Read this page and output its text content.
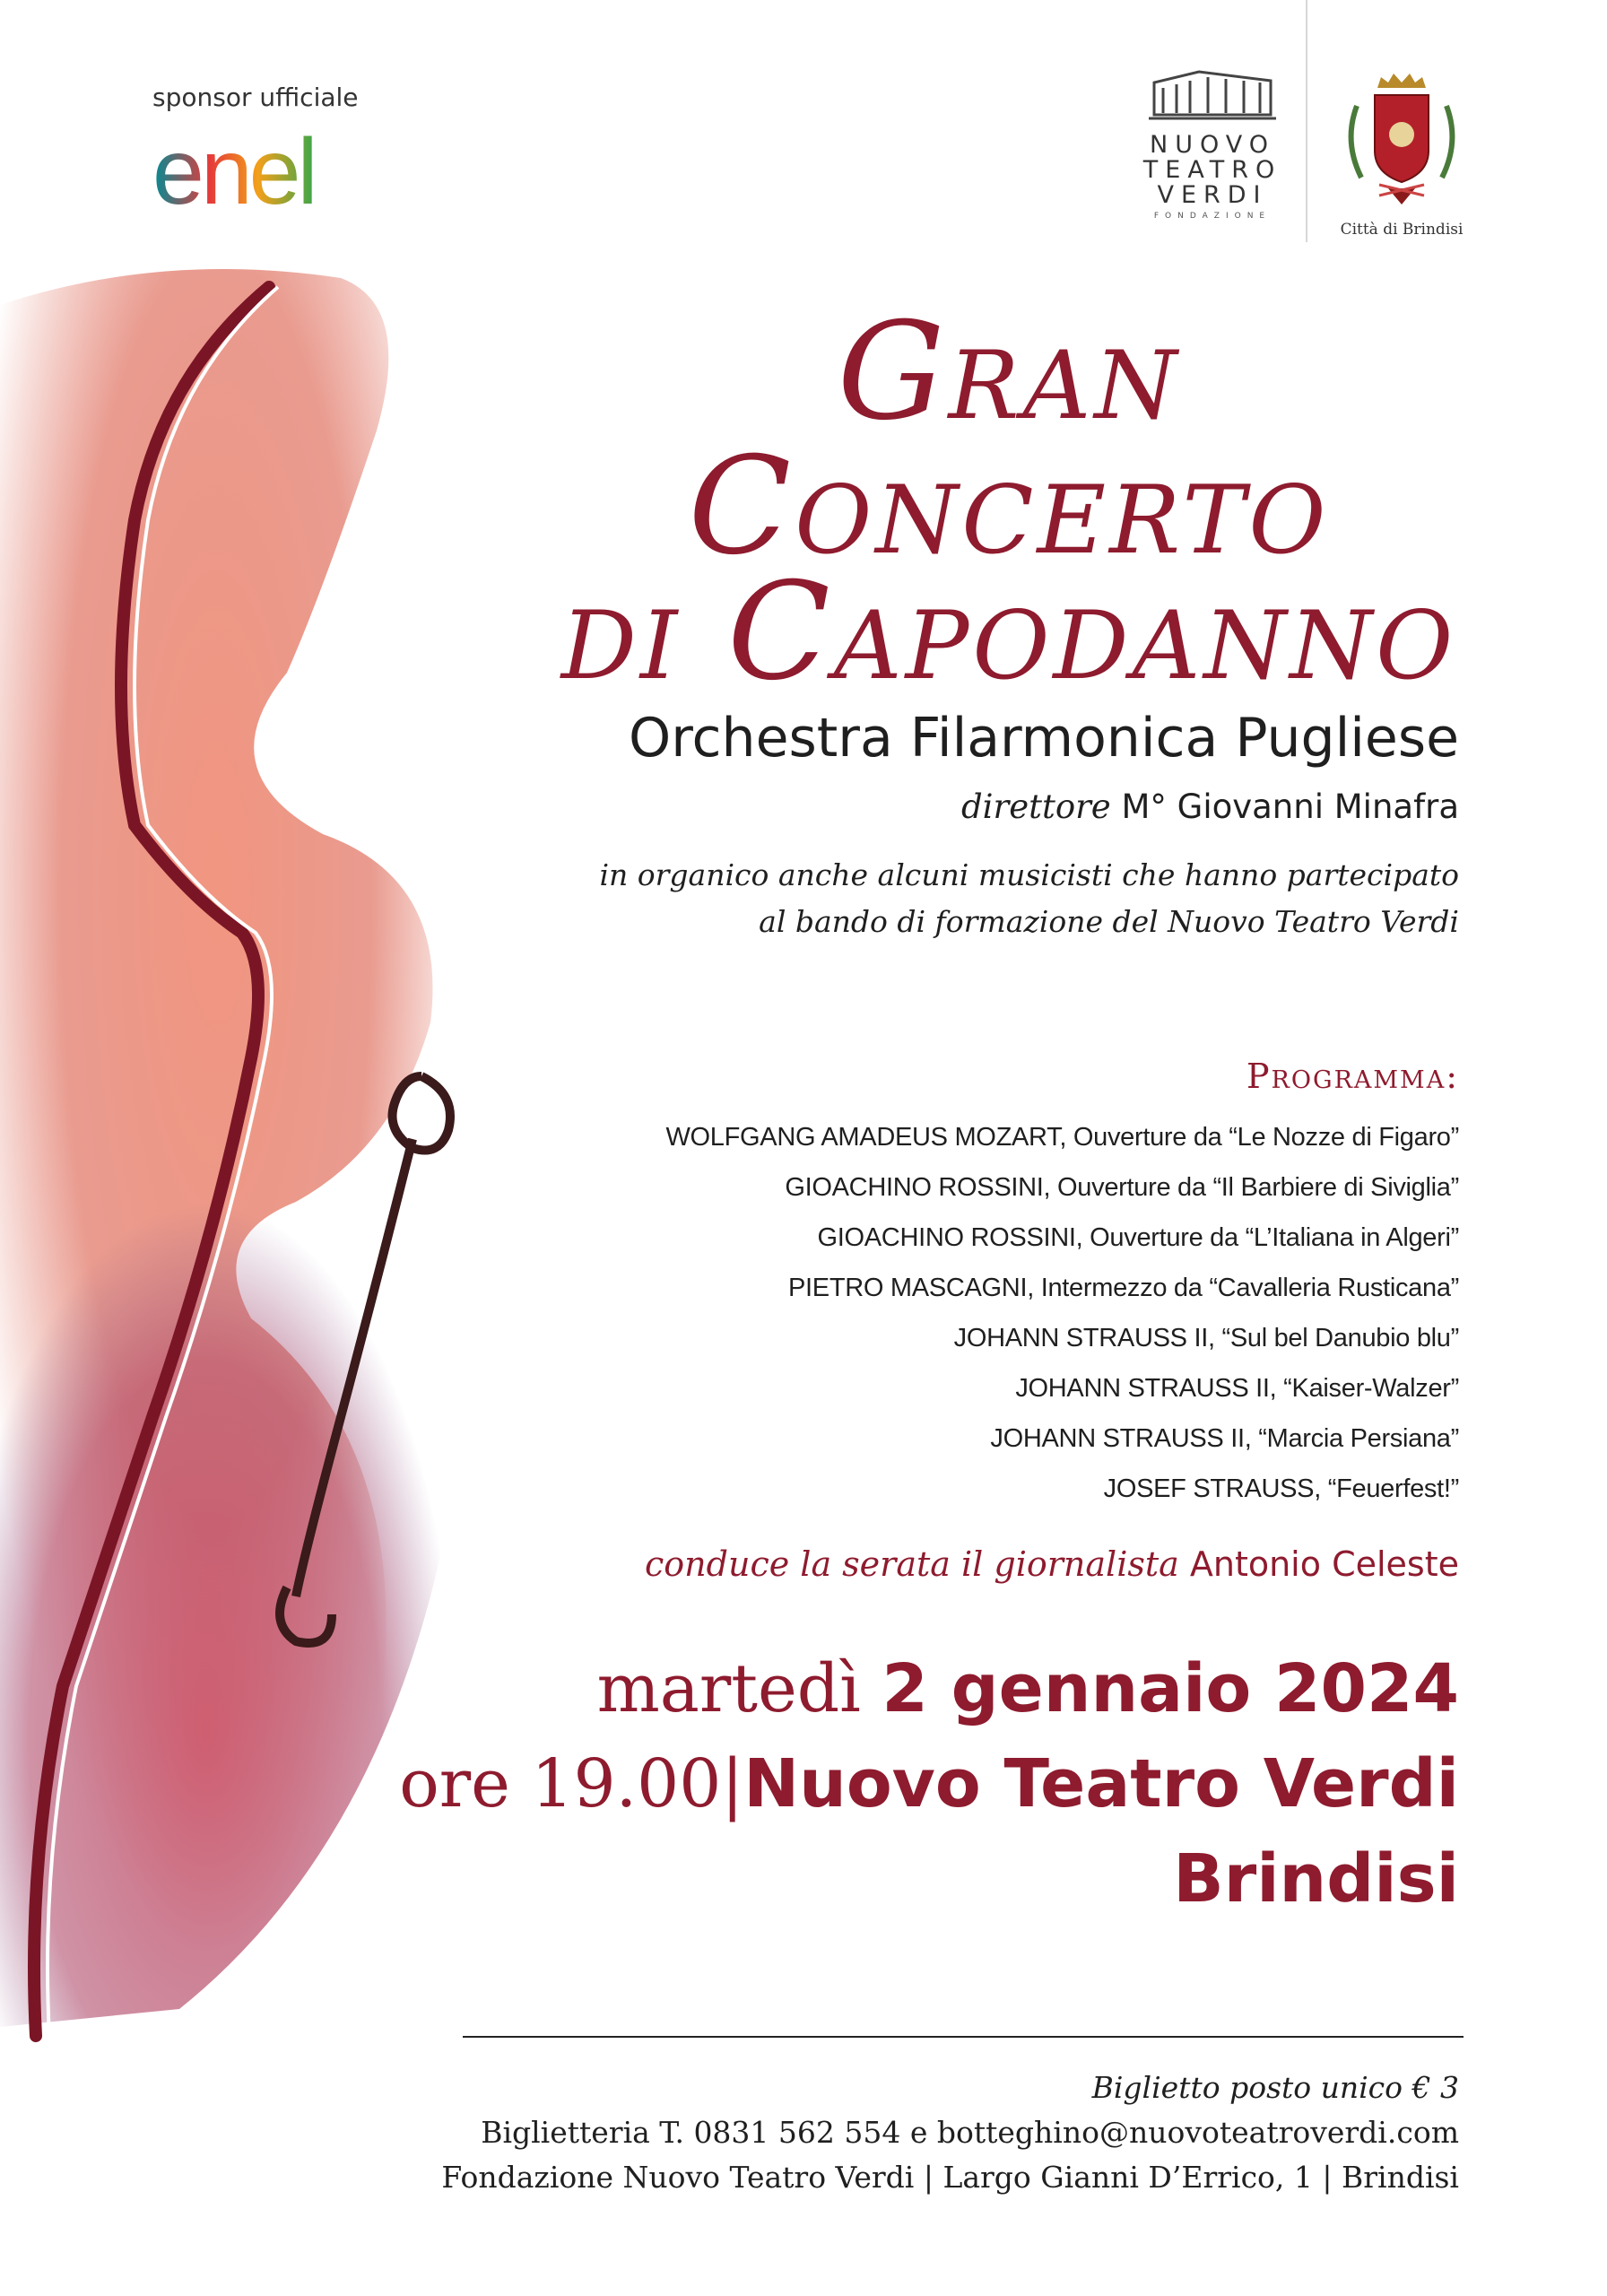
sponsor ufficiale
enel	NUOVO
TEATRO
VERDI
FONDAZIONE
Città di Brindisi
Gran Concerto
di Capodanno
Orchestra Filarmonica Pugliese
direttore M° Giovanni Minafra
in organico anche alcuni musicisti che hanno partecipato
al bando di formazione del Nuovo Teatro Verdi
Programma:
WOLFGANG AMADEUS MOZART, Ouverture da “Le Nozze di Figaro”
GIOACHINO ROSSINI, Ouverture da “Il Barbiere di Siviglia”
GIOACHINO ROSSINI, Ouverture da “L’Italiana in Algeri”
PIETRO MASCAGNI, Intermezzo da “Cavalleria Rusticana”
JOHANN STRAUSS II, “Sul bel Danubio blu”
JOHANN STRAUSS II, “Kaiser-Walzer”
JOHANN STRAUSS II, “Marcia Persiana”
JOSEF STRAUSS, “Feuerfest!”
conduce la serata il giornalista Antonio Celeste
martedì 2 gennaio 2024
ore 19.00|Nuovo Teatro Verdi
Brindisi
Biglietto posto unico € 3
Biglietteria T. 0831 562 554 e botteghino@nuovoteatroverdi.com
Fondazione Nuovo Teatro Verdi | Largo Gianni D’Errico, 1 | Brindisi
